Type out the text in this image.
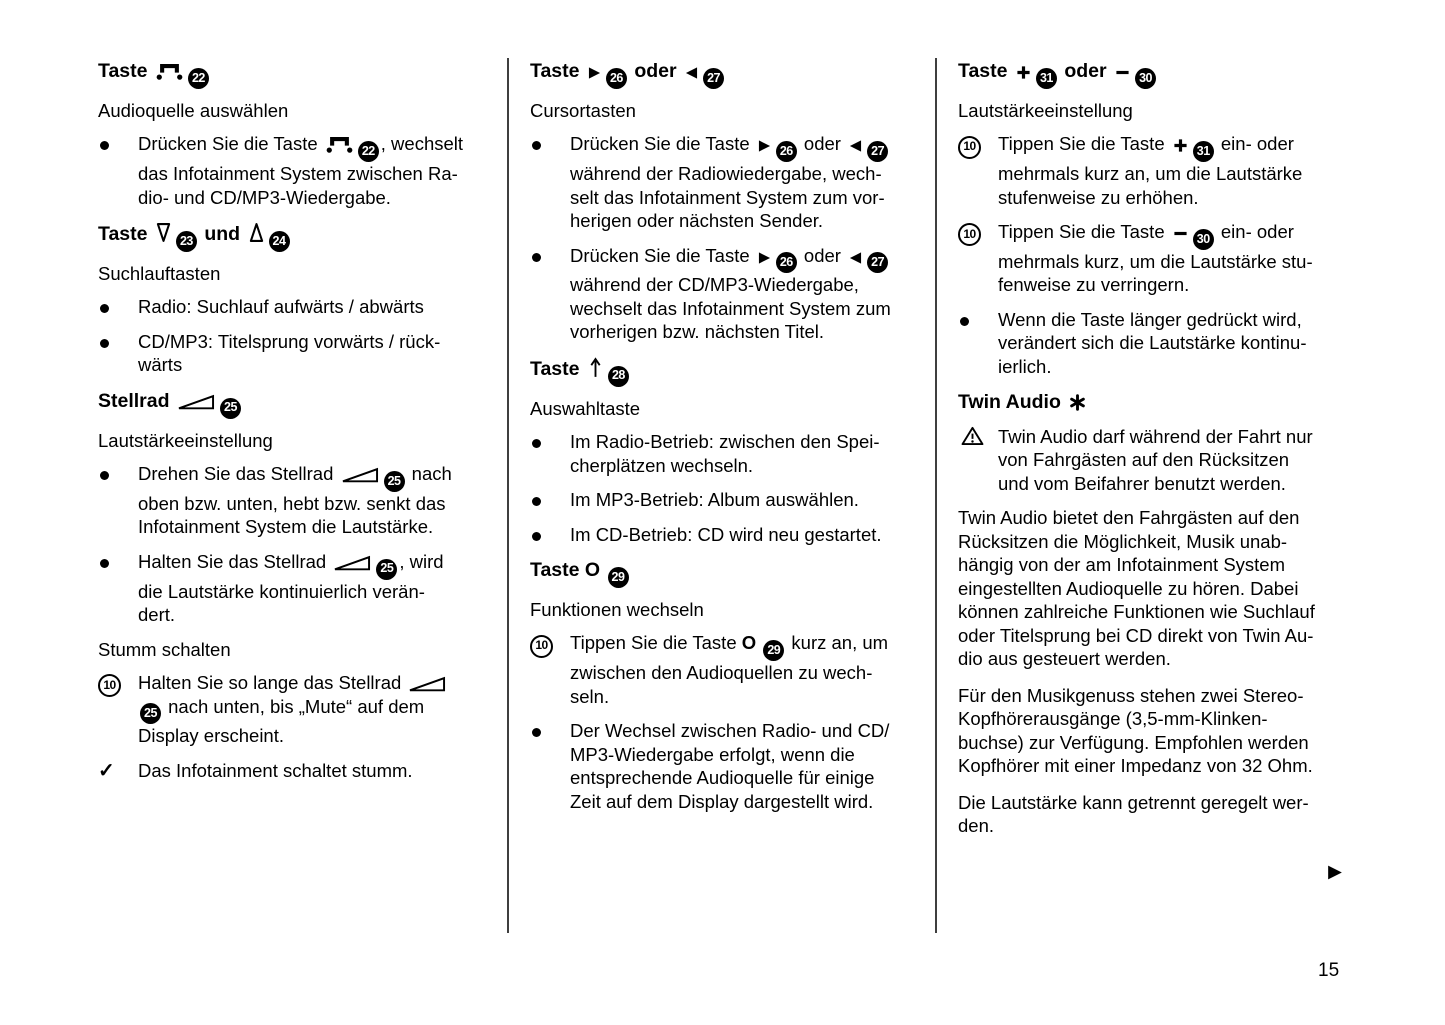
Taste	22
Audioquelle auswählen
Drücken Sie die Taste	22 , wechselt
das Infotainment System zwischen Ra-
dio- und CD/MP3-Wiedergabe.
Taste
23 und
24
Suchlauftasten
Radio: Suchlauf aufwärts / abwärts
CD/MP3: Titelsprung vorwärts / rück-
wärts
Stellrad	25
Lautstärkeeinstellung
Drehen Sie das Stellrad	25 nach
oben bzw. unten, hebt bzw. senkt das
Infotainment System die Lautstärke.
Halten Sie das Stellrad	25 , wird
die Lautstärke kontinuierlich verän-
dert.
Stumm schalten
10	Halten Sie so lange das Stellrad

25 nach unten, bis „Mute“ auf dem
Display erscheint.
✓	Das Infotainment schaltet stumm.
Taste
26 oder
27
Cursortasten
Drücken Sie die Taste
26 oder
27
während der Radiowiedergabe, wech-
selt das Infotainment System zum vor-
herigen oder nächsten Sender.
Drücken Sie die Taste
26 oder
27
während der CD/MP3-Wiedergabe,
wechselt das Infotainment System zum
vorherigen bzw. nächsten Titel.
Taste
28
Auswahltaste
Im Radio-Betrieb: zwischen den Spei-
cherplätzen wechseln.
Im MP3-Betrieb: Album auswählen.
Im CD-Betrieb: CD wird neu gestartet.
Taste O 29
Funktionen wechseln
10	Tippen Sie die Taste O 29 kurz an, um
zwischen den Audioquellen zu wech-
seln.
Der Wechsel zwischen Radio- und CD/
MP3-Wiedergabe erfolgt, wenn die
entsprechende Audioquelle für einige
Zeit auf dem Display dargestellt wird.
Taste
31 oder
30
Lautstärkeeinstellung
10	Tippen Sie die Taste
31 ein- oder
mehrmals kurz an, um die Lautstärke
stufenweise zu erhöhen.
10	Tippen Sie die Taste
30 ein- oder
mehrmals kurz, um die Lautstärke stu-
fenweise zu verringern.
Wenn die Taste länger gedrückt wird,
verändert sich die Lautstärke kontinu-
ierlich.
Twin Audio
Twin Audio darf während der Fahrt nur
von Fahrgästen auf den Rücksitzen
und vom Beifahrer benutzt werden.
Twin Audio bietet den Fahrgästen auf den
Rücksitzen die Möglichkeit, Musik unab-
hängig von der am Infotainment System
eingestellten Audioquelle zu hören. Dabei
können zahlreiche Funktionen wie Suchlauf
oder Titelsprung bei CD direkt von Twin Au-
dio aus gesteuert werden.
Für den Musikgenuss stehen zwei Stereo-
Kopfhörerausgänge (3,5-mm-Klinken-
buchse) zur Verfügung. Empfohlen werden
Kopfhörer mit einer Impedanz von 32 Ohm.
Die Lautstärke kann getrennt geregelt wer-
den.
15
